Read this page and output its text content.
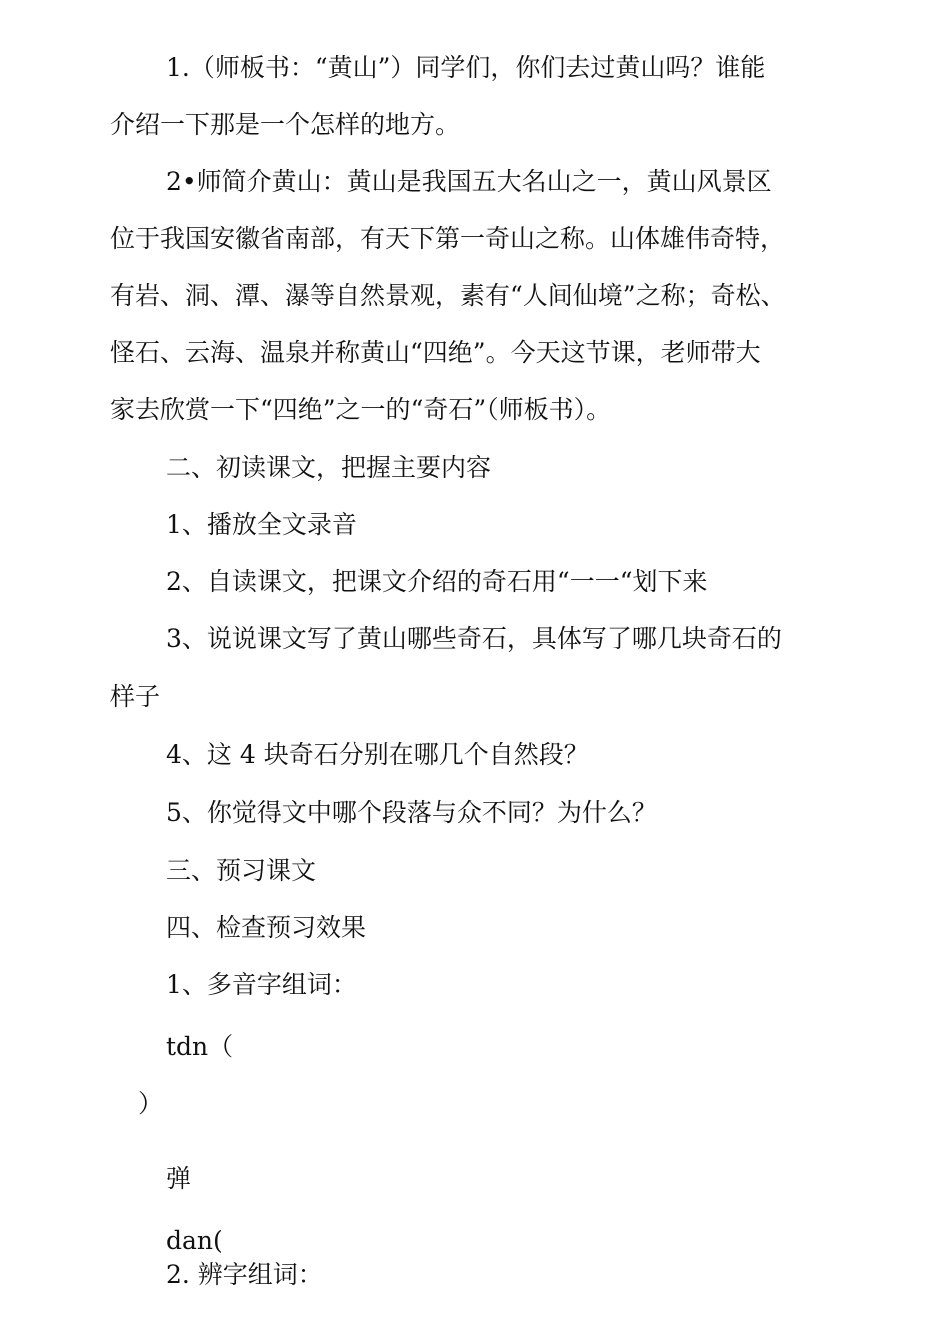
1.（师板书：“黄山”）同学们，你们去过黄山吗？谁能

介绍一下那是一个怎样的地方。

2•师简介黄山：黄山是我国五大名山之一，黄山风景区

位于我国安徽省南部，有天下第一奇山之称。山体雄伟奇特，

有岩、洞、潭、瀑等自然景观，素有“人间仙境”之称；奇松、

怪石、云海、温泉并称黄山“四绝”。今天这节课，老师带大

家去欣赏一下“四绝”之一的“奇石”（师板书）。

二、初读课文，把握主要内容

1、播放全文录音

2、自读课文，把课文介绍的奇石用“一一“划下来

3、说说课文写了黄山哪些奇石，具体写了哪几块奇石的

样子

4、这 4 块奇石分别在哪几个自然段？

5、你觉得文中哪个段落与众不同？为什么？

三、预习课文

四、检查预习效果

1、多音字组词：

tdn（

）

弹

dan(

2. 辨字组词：
